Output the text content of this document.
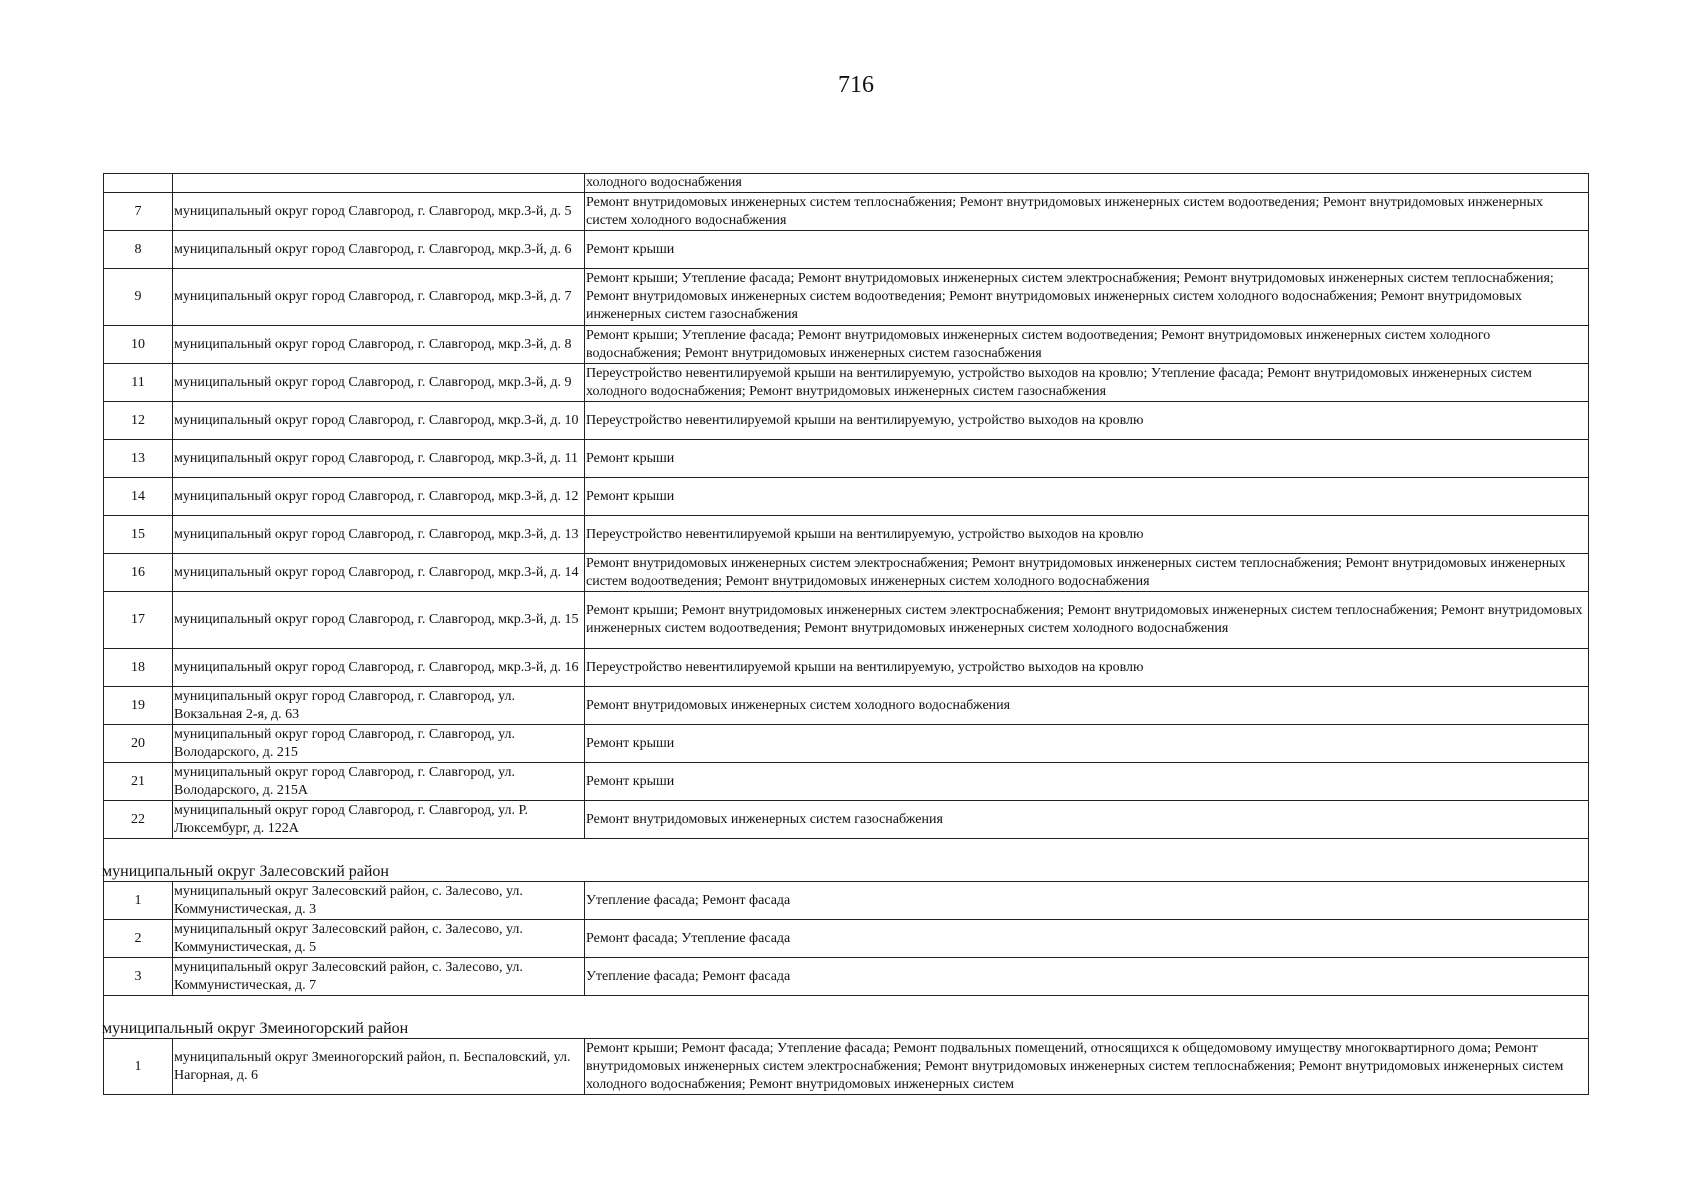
716
		холодного водоснабжения
7	муниципальный округ город Славгород, г. Славгород, мкр.3-й, д. 5	Ремонт внутридомовых инженерных систем теплоснабжения; Ремонт внутридомовых инженерных систем водоотведения; Ремонт внутридомовых инженерных систем холодного водоснабжения
8	муниципальный округ город Славгород, г. Славгород, мкр.3-й, д. 6	Ремонт крыши
9	муниципальный округ город Славгород, г. Славгород, мкр.3-й, д. 7	Ремонт крыши; Утепление фасада; Ремонт внутридомовых инженерных систем электроснабжения; Ремонт внутридомовых инженерных систем теплоснабжения; Ремонт внутридомовых инженерных систем водоотведения; Ремонт внутридомовых инженерных систем холодного водоснабжения; Ремонт внутридомовых инженерных систем газоснабжения
10	муниципальный округ город Славгород, г. Славгород, мкр.3-й, д. 8	Ремонт крыши; Утепление фасада; Ремонт внутридомовых инженерных систем водоотведения; Ремонт внутридомовых инженерных систем холодного водоснабжения; Ремонт внутридомовых инженерных систем газоснабжения
11	муниципальный округ город Славгород, г. Славгород, мкр.3-й, д. 9	Переустройство невентилируемой крыши на вентилируемую, устройство выходов на кровлю; Утепление фасада; Ремонт внутридомовых инженерных систем холодного водоснабжения; Ремонт внутридомовых инженерных систем газоснабжения
12	муниципальный округ город Славгород, г. Славгород, мкр.3-й, д. 10	Переустройство невентилируемой крыши на вентилируемую, устройство выходов на кровлю
13	муниципальный округ город Славгород, г. Славгород, мкр.3-й, д. 11	Ремонт крыши
14	муниципальный округ город Славгород, г. Славгород, мкр.3-й, д. 12	Ремонт крыши
15	муниципальный округ город Славгород, г. Славгород, мкр.3-й, д. 13	Переустройство невентилируемой крыши на вентилируемую, устройство выходов на кровлю
16	муниципальный округ город Славгород, г. Славгород, мкр.3-й, д. 14	Ремонт внутридомовых инженерных систем электроснабжения; Ремонт внутридомовых инженерных систем теплоснабжения; Ремонт внутридомовых инженерных систем водоотведения; Ремонт внутридомовых инженерных систем холодного водоснабжения
17	муниципальный округ город Славгород, г. Славгород, мкр.3-й, д. 15	Ремонт крыши; Ремонт внутридомовых инженерных систем электроснабжения; Ремонт внутридомовых инженерных систем теплоснабжения; Ремонт внутридомовых инженерных систем водоотведения; Ремонт внутридомовых инженерных систем холодного водоснабжения
18	муниципальный округ город Славгород, г. Славгород, мкр.3-й, д. 16	Переустройство невентилируемой крыши на вентилируемую, устройство выходов на кровлю
19	муниципальный округ город Славгород, г. Славгород, ул. Вокзальная 2-я, д. 63	Ремонт внутридомовых инженерных систем холодного водоснабжения
20	муниципальный округ город Славгород, г. Славгород, ул. Володарского, д. 215	Ремонт крыши
21	муниципальный округ город Славгород, г. Славгород, ул. Володарского, д. 215А	Ремонт крыши
22	муниципальный округ город Славгород, г. Славгород, ул. Р. Люксембург, д. 122А	Ремонт внутридомовых инженерных систем газоснабжения
муниципальный округ Залесовский район		
1	муниципальный округ Залесовский район, с. Залесово, ул. Коммунистическая, д. 3	Утепление фасада; Ремонт фасада
2	муниципальный округ Залесовский район, с. Залесово, ул. Коммунистическая, д. 5	Ремонт фасада; Утепление фасада
3	муниципальный округ Залесовский район, с. Залесово, ул. Коммунистическая, д. 7	Утепление фасада; Ремонт фасада
муниципальный округ Змеиногорский район		
1	муниципальный округ Змеиногорский район, п. Беспаловский, ул. Нагорная, д. 6	Ремонт крыши; Ремонт фасада; Утепление фасада; Ремонт подвальных помещений, относящихся к общедомовому имуществу многоквартирного дома; Ремонт внутридомовых инженерных систем электроснабжения; Ремонт внутридомовых инженерных систем теплоснабжения; Ремонт внутридомовых инженерных систем холодного водоснабжения; Ремонт внутридомовых инженерных систем
